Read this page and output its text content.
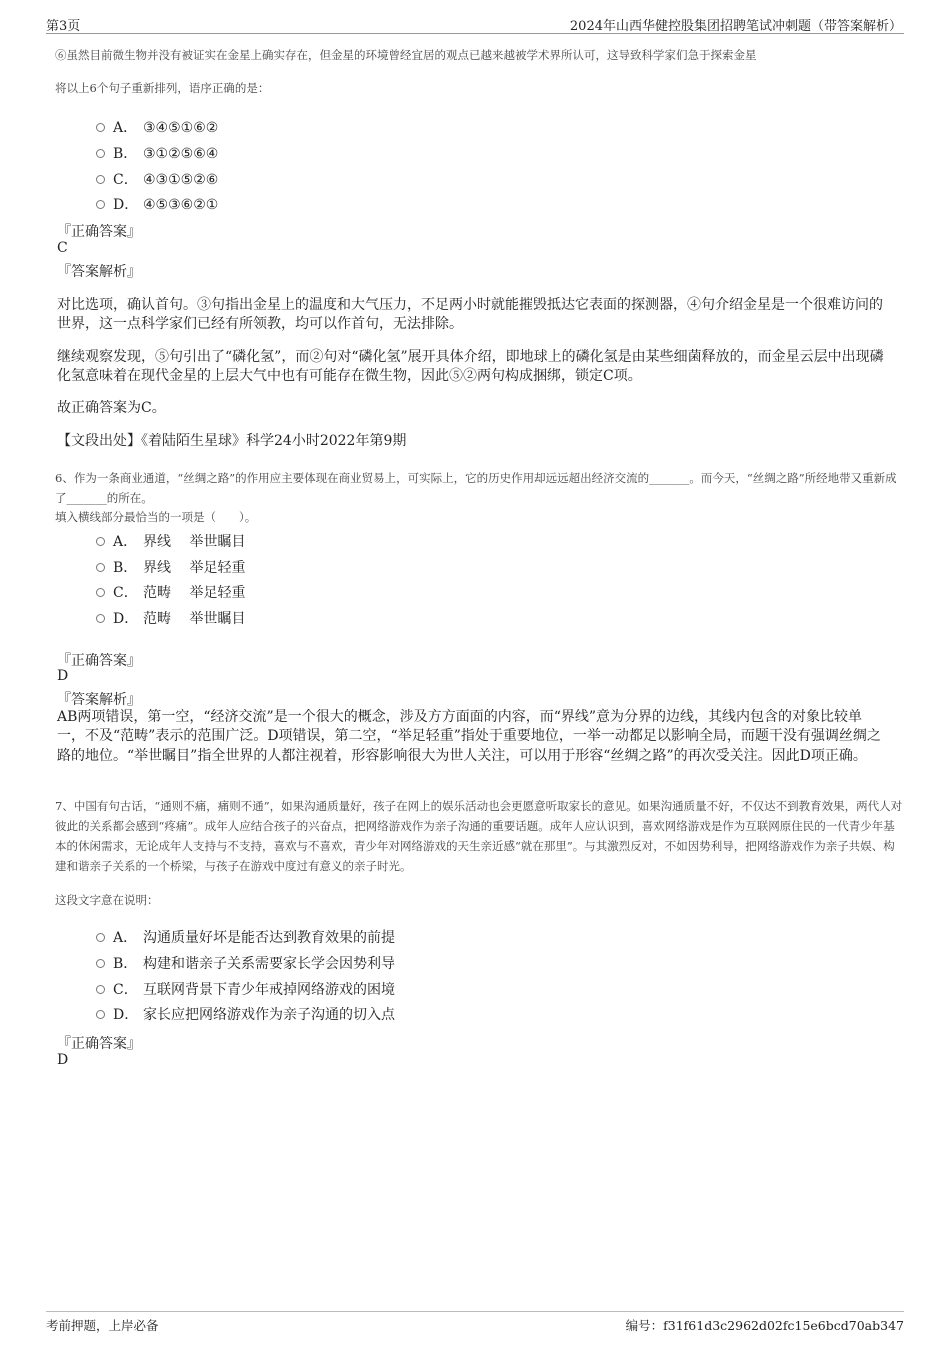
第3页	2024年山西华健控股集团招聘笔试冲刺题（带答案解析）
⑥虽然目前微生物并没有被证实在金星上确实存在，但金星的环境曾经宜居的观点已越来越被学术界所认可，这导致科学家们急于探索金星
将以上6个句子重新排列，语序正确的是：
A． ③④⑤①⑥②
B． ③①②⑤⑥④
C． ④③①⑤②⑥
D． ④⑤③⑥②①
『正确答案』
C
『答案解析』
对比选项，确认首句。③句指出金星上的温度和大气压力，不足两小时就能摧毁抵达它表面的探测器，④句介绍金星是一个很难访问的世界，这一点科学家们已经有所领教，均可以作首句，无法排除。
继续观察发现，⑤句引出了“磷化氢”，而②句对“磷化氢”展开具体介绍，即地球上的磷化氢是由某些细菌释放的，而金星云层中出现磷化氢意味着在现代金星的上层大气中也有可能存在微生物，因此⑤②两句构成捆绑，锁定C项。
故正确答案为C。
【文段出处】《着陆陌生星球》科学24小时2022年第9期
6、作为一条商业通道，“丝绸之路”的作用应主要体现在商业贸易上，可实际上，它的历史作用却远远超出经济交流的_______。而今天，“丝绸之路”所经地带又重新成了_______的所在。
填入横线部分最恰当的一项是（　　）。
A． 界线　 举世瞩目
B． 界线　 举足轻重
C． 范畴　 举足轻重
D． 范畴　 举世瞩目
『正确答案』
D
『答案解析』
AB两项错误，第一空，“经济交流”是一个很大的概念，涉及方方面面的内容，而“界线”意为分界的边线，其线内包含的对象比较单一，不及“范畴”表示的范围广泛。D项错误，第二空，“举足轻重”指处于重要地位，一举一动都足以影响全局，而题干没有强调丝绸之路的地位。“举世瞩目”指全世界的人都注视着，形容影响很大为世人关注，可以用于形容“丝绸之路”的再次受关注。因此D项正确。
7、中国有句古话，“通则不痛，痛则不通”，如果沟通质量好，孩子在网上的娱乐活动也会更愿意听取家长的意见。如果沟通质量不好，不仅达不到教育效果，两代人对彼此的关系都会感到“疼痛”。成年人应结合孩子的兴奋点，把网络游戏作为亲子沟通的重要话题。成年人应认识到，喜欢网络游戏是作为互联网原住民的一代青少年基本的休闲需求，无论成年人支持与不支持，喜欢与不喜欢，青少年对网络游戏的天生亲近感“就在那里”。与其激烈反对，不如因势利导，把网络游戏作为亲子共娱、构建和谐亲子关系的一个桥梁，与孩子在游戏中度过有意义的亲子时光。
这段文字意在说明：
A． 沟通质量好坏是能否达到教育效果的前提
B． 构建和谐亲子关系需要家长学会因势利导
C． 互联网背景下青少年戒掉网络游戏的困境
D． 家长应把网络游戏作为亲子沟通的切入点
『正确答案』
D
考前押题，上岸必备	编号：f31f61d3c2962d02fc15e6bcd70ab347
